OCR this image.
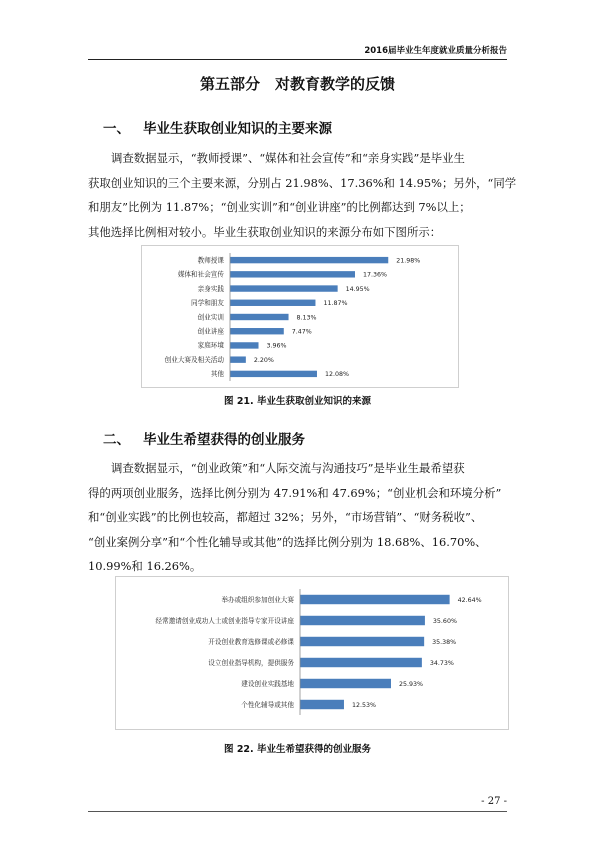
2016届毕业生年度就业质量分析报告
第五部分　对教育教学的反馈
一、 毕业生获取创业知识的主要来源

调查数据显示，“教师授课”、“媒体和社会宣传”和“亲身实践”是毕业生

获取创业知识的三个主要来源，分别占 21.98%、17.36%和 14.95%；另外，“同学

和朋友”比例为 11.87%；“创业实训”和“创业讲座”的比例都达到 7%以上；

其他选择比例相对较小。毕业生获取创业知识的来源分布如下图所示：

教师授课	21.98%
媒体和社会宣传	17.36%
亲身实践	14.95%
同学和朋友	11.87%
创业实训	8.13%
创业讲座	7.47%
家庭环境	3.96%
创业大赛及相关活动	2.20%
其他	12.08%
图 21. 毕业生获取创业知识的来源
二、 毕业生希望获得的创业服务

调查数据显示，“创业政策”和“人际交流与沟通技巧”是毕业生最希望获

得的两项创业服务，选择比例分别为 47.91%和 47.69%；“创业机会和环境分析”

和“创业实践”的比例也较高，都超过 32%；另外，“市场营销”、“财务税收”、

“创业案例分享”和“个性化辅导或其他”的选择比例分别为 18.68%、16.70%、

10.99%和 16.26%。

举办或组织参加创业大赛	42.64%
经常邀请创业成功人士或创业指导专家开设讲座	35.60%
开设创业教育选修课或必修课	35.38%
设立创业指导机构，提供服务	34.73%
建设创业实践基地	25.93%
个性化辅导或其他	12.53%
图 22. 毕业生希望获得的创业服务
- 27 -
